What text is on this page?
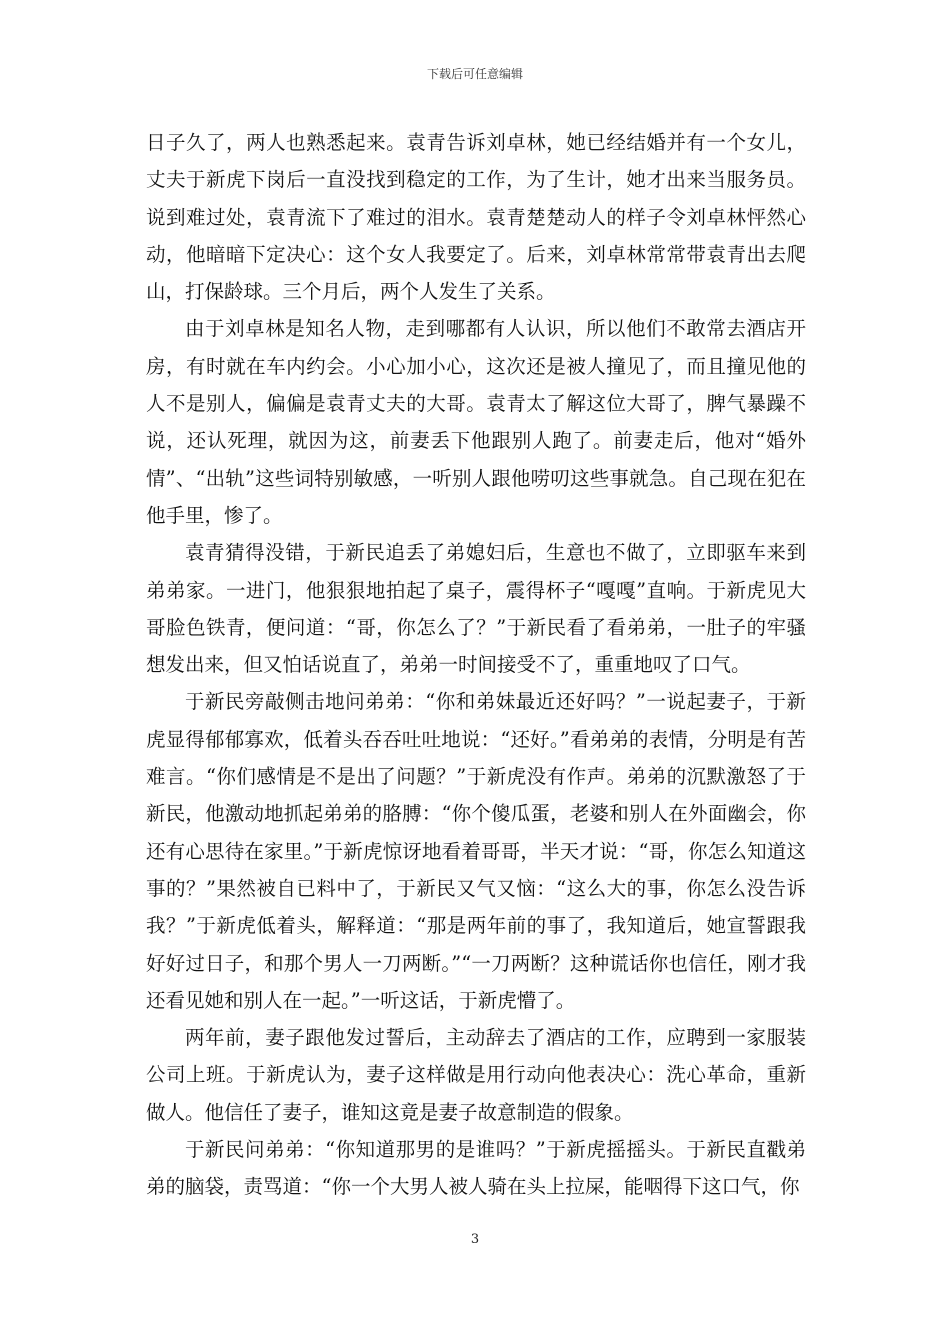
下载后可任意编辑

日子久了，两人也熟悉起来。袁青告诉刘卓林，她已经结婚并有一个女儿，丈夫于新虎下岗后一直没找到稳定的工作，为了生计，她才出来当服务员。说到难过处，袁青流下了难过的泪水。袁青楚楚动人的样子令刘卓林怦然心动，他暗暗下定决心：这个女人我要定了。后来，刘卓林常常带袁青出去爬山，打保龄球。三个月后，两个人发生了关系。

由于刘卓林是知名人物，走到哪都有人认识，所以他们不敢常去酒店开房，有时就在车内约会。小心加小心，这次还是被人撞见了，而且撞见他的人不是别人，偏偏是袁青丈夫的大哥。袁青太了解这位大哥了，脾气暴躁不说，还认死理，就因为这，前妻丢下他跟别人跑了。前妻走后，他对“婚外情”、“出轨”这些词特别敏感，一听别人跟他唠叨这些事就急。自己现在犯在他手里，惨了。

袁青猜得没错，于新民追丢了弟媳妇后，生意也不做了，立即驱车来到弟弟家。一进门，他狠狠地拍起了桌子，震得杯子“嘎嘎”直响。于新虎见大哥脸色铁青，便问道：“哥，你怎么了？”于新民看了看弟弟，一肚子的牢骚想发出来，但又怕话说直了，弟弟一时间接受不了，重重地叹了口气。

于新民旁敲侧击地问弟弟：“你和弟妹最近还好吗？”一说起妻子，于新虎显得郁郁寡欢，低着头吞吞吐吐地说：“还好。”看弟弟的表情，分明是有苦难言。“你们感情是不是出了问题？”于新虎没有作声。弟弟的沉默激怒了于新民，他激动地抓起弟弟的胳膊：“你个傻瓜蛋，老婆和别人在外面幽会，你还有心思待在家里。”于新虎惊讶地看着哥哥，半天才说：“哥，你怎么知道这事的？”果然被自已料中了，于新民又气又恼：“这么大的事，你怎么没告诉我？”于新虎低着头，解释道：“那是两年前的事了，我知道后，她宣誓跟我好好过日子，和那个男人一刀两断。”“一刀两断？这种谎话你也信任，刚才我还看见她和别人在一起。”一听这话，于新虎懵了。

两年前，妻子跟他发过誓后，主动辞去了酒店的工作，应聘到一家服装公司上班。于新虎认为，妻子这样做是用行动向他表决心：洗心革命，重新做人。他信任了妻子，谁知这竟是妻子故意制造的假象。

于新民问弟弟：“你知道那男的是谁吗？”于新虎摇摇头。于新民直戳弟弟的脑袋，责骂道：“你一个大男人被人骑在头上拉屎，能咽得下这口气，你

3
